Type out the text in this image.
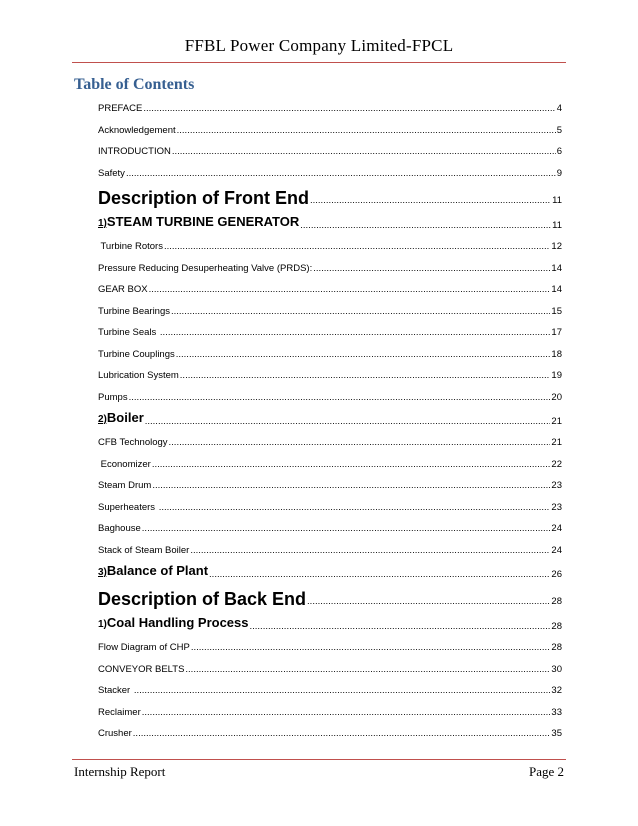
FFBL Power Company Limited-FPCL
Table of Contents
PREFACE .....	4
Acknowledgement .....	5
INTRODUCTION .....	6
Safety .....	9
Description of Front End .....	11
1)STEAM TURBINE GENERATOR .....	11
Turbine Rotors .....	12
Pressure Reducing Desuperheating Valve (PRDS): .....	14
GEAR BOX .....	14
Turbine Bearings .....	15
Turbine Seals .....	17
Turbine Couplings .....	18
Lubrication System .....	19
Pumps .....	20
2)Boiler .....	21
CFB Technology .....	21
Economizer .....	22
Steam Drum .....	23
Superheaters .....	23
Baghouse .....	24
Stack of Steam Boiler .....	24
3)Balance of Plant .....	26
Description of Back End .....	28
1)Coal Handling Process .....	28
Flow Diagram of CHP .....	28
CONVEYOR BELTS .....	30
Stacker .....	32
Reclaimer .....	33
Crusher .....	35
Internship Report	Page 2
